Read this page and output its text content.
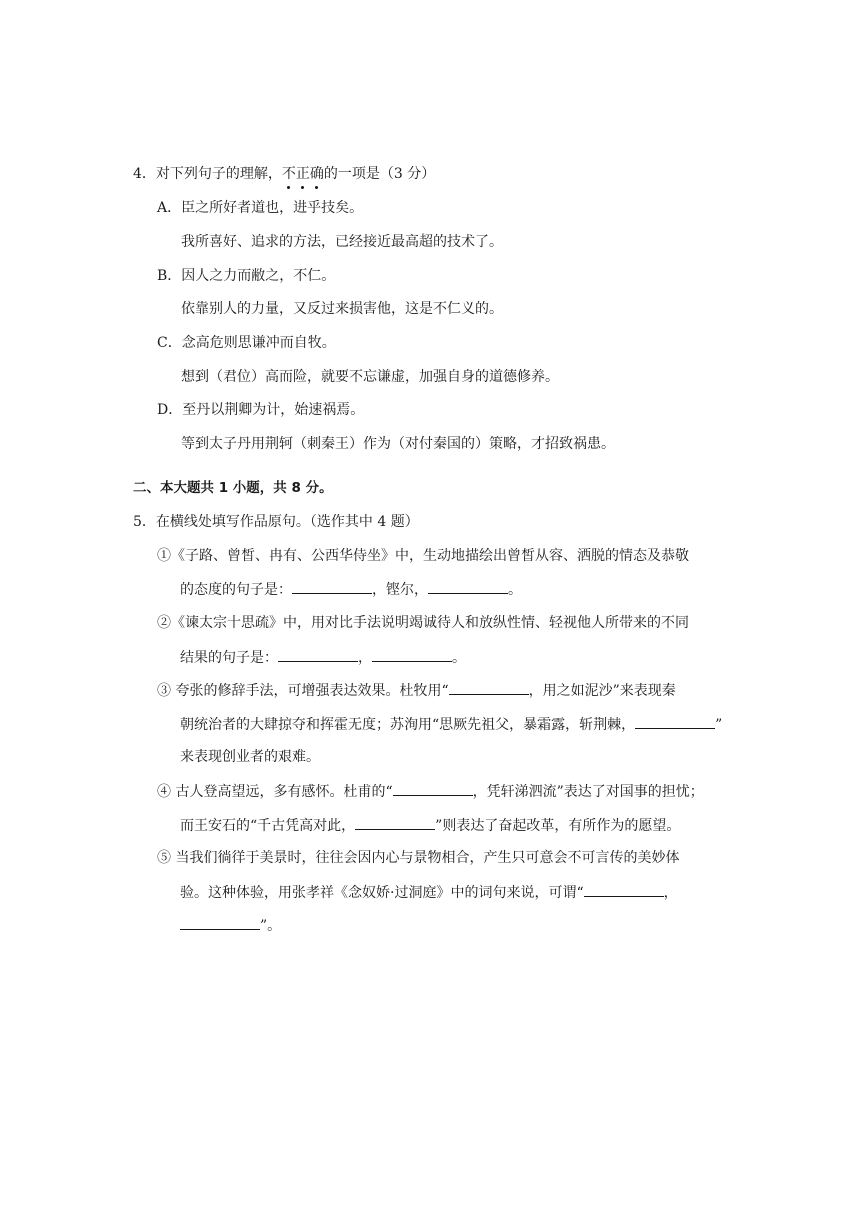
4．对下列句子的理解，不正确的一项是（3 分）
A．臣之所好者道也，进乎技矣。
我所喜好、追求的方法，已经接近最高超的技术了。
B．因人之力而敝之，不仁。
依靠别人的力量，又反过来损害他，这是不仁义的。
C．念高危则思谦冲而自牧。
想到（君位）高而险，就要不忘谦虚，加强自身的道德修养。
D．至丹以荆卿为计，始速祸焉。
等到太子丹用荆轲（刺秦王）作为（对付秦国的）策略，才招致祸患。
二、本大题共 1 小题，共 8 分。
5．在横线处填写作品原句。（选作其中 4 题）
①《子路、曾皙、冉有、公西华侍坐》中，生动地描绘出曾皙从容、洒脱的情态及恭敬
的态度的句子是：	，铿尔，	。
②《谏太宗十思疏》中，用对比手法说明竭诚待人和放纵性情、轻视他人所带来的不同
结果的句子是：	，	。
③ 夸张的修辞手法，可增强表达效果。杜牧用“	，用之如泥沙”来表现秦
朝统治者的大肆掠夺和挥霍无度；苏洵用“思厥先祖父，暴霜露，斩荆棘，	”
来表现创业者的艰难。
④ 古人登高望远，多有感怀。杜甫的“	，凭轩涕泗流”表达了对国事的担忧；
而王安石的“千古凭高对此，	”则表达了奋起改革，有所作为的愿望。
⑤ 当我们徜徉于美景时，往往会因内心与景物相合，产生只可意会不可言传的美妙体
验。这种体验，用张孝祥《念奴娇·过洞庭》中的词句来说，可谓“	，
”。
